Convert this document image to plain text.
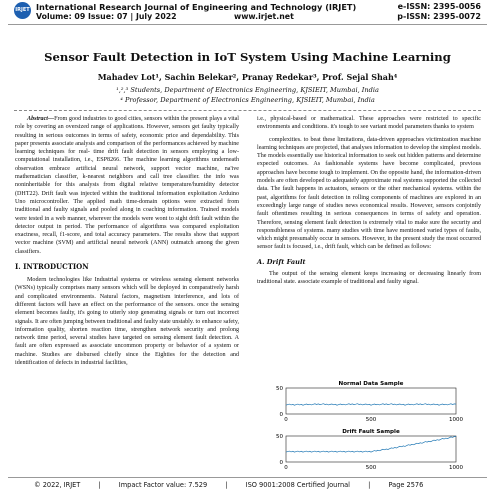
IRJET International Research Journal of Engineering and Technology (IRJET)
Volume: 09 Issue: 07 | July 2022	www.irjet.net
e-ISSN: 2395-0056
p-ISSN: 2395-0072
Sensor Fault Detection in IoT System Using Machine Learning
Mahadev Lot¹, Sachin Belekar², Pranay Redekar³, Prof. Sejal Shah⁴
¹,²,³ Students, Department of Electronics Engineering, KJSIEIT, Mumbai, India
⁴ Professor, Department of Electronics Engineering, KJSIEIT, Mumbai, India

Abstract—From good industries to good cities, sensors within the present plays a vital role by covering an oversized range of applications. However, sensors get faulty typically resulting in serious outcomes in terms of safety, economic price and dependability. This paper presents associate analysis and comparison of the performances achieved by machine learning techniques for real- time drift fault detection in sensors employing a low-computational installation, i.e., ESP8266. The machine learning algorithms underneath observation embrace artificial neural network, support vector machine, na'ive mathematician classifier, k-nearest neighbors and call tree classifier. the info was noninheritable for this analysis from digital relative temperature/humidity detector (DHT22). Drift fault was injected within the traditional information exploitation Arduino Uno microcontroller. The applied math time-domain options were extracted from traditional and faulty signals and pooled along in coaching information. Trained models were tested in a web manner, wherever the models were wont to sight drift fault within the detector output in period. The performance of algorithms was compared exploitation exactness, recall, f1-score, and total accuracy parameters. The results show that support vector machine (SVM) and artificial neural network (ANN) outmatch among the given classifiers.

I. INTRODUCTION

Modern technologies like Industrial systems or wireless sensing element networks (WSNs) typically comprises many sensors which will be deployed in comparatively harsh and complicated environments. Natural factors, magnetism interference, and lots of different factors will have an effect on the performance of the sensors. once the sensing element becomes faulty, it's going to utterly stop generating signals or turn out incorrect signals. It are often jumping between traditional and faulty state unstably. to enhance safety, information quality, shorten reaction time, strengthen network security and prolong network time period, several studies have targeted on sensing element fault detection. A fault are often expressed as associate uncommon property or behavior of a system or machine. Studies are disbursed chiefly since the Eighties for the detection and identification of defects in industrial facilities,

i.e., physical-based or mathematical. These approaches were restricted to specific environments and conditions. it's tough to see variant model parameters thanks to system

complexities. to beat these limitations, data-driven approaches victimization machine learning techniques are projected, that analyses information to develop the simplest models. The models essentially use historical information to seek out hidden patterns and determine expected outcomes. As fashionable systems have become complicated, previous approaches have become tough to implement. On the opposite hand, the information-driven models are often developed to adequately approximate real systems supported the collected data. The fault happens in actuators, sensors or the other mechanical systems. within the past, algorithms for fault detection in rolling components of machines are explored in an exceedingly large range of studies news economical results. However, sensors conjointly fault oftentimes resulting in serious consequences in terms of safety and operation. Therefore, sensing element fault detection is extremely vital to make sure the security and responsibleness of systems. many studies with time have mentioned varied types of faults, which might presumably occur in sensors. However, in the present study the most occurred sensor fault is focused, i.e., drift fault, which can be defined as follows:

A. Drift Fault

The output of the sensing element keeps increasing or decreasing linearly from traditional state. associate example of traditional and faulty signal.

Normal Data Sample
0
50
0	500	1000
Drift Fault Sample
0
50
0	500	1000
© 2022, IRJET	|	Impact Factor value: 7.529	|	ISO 9001:2008 Certified Journal	|	Page 2576
